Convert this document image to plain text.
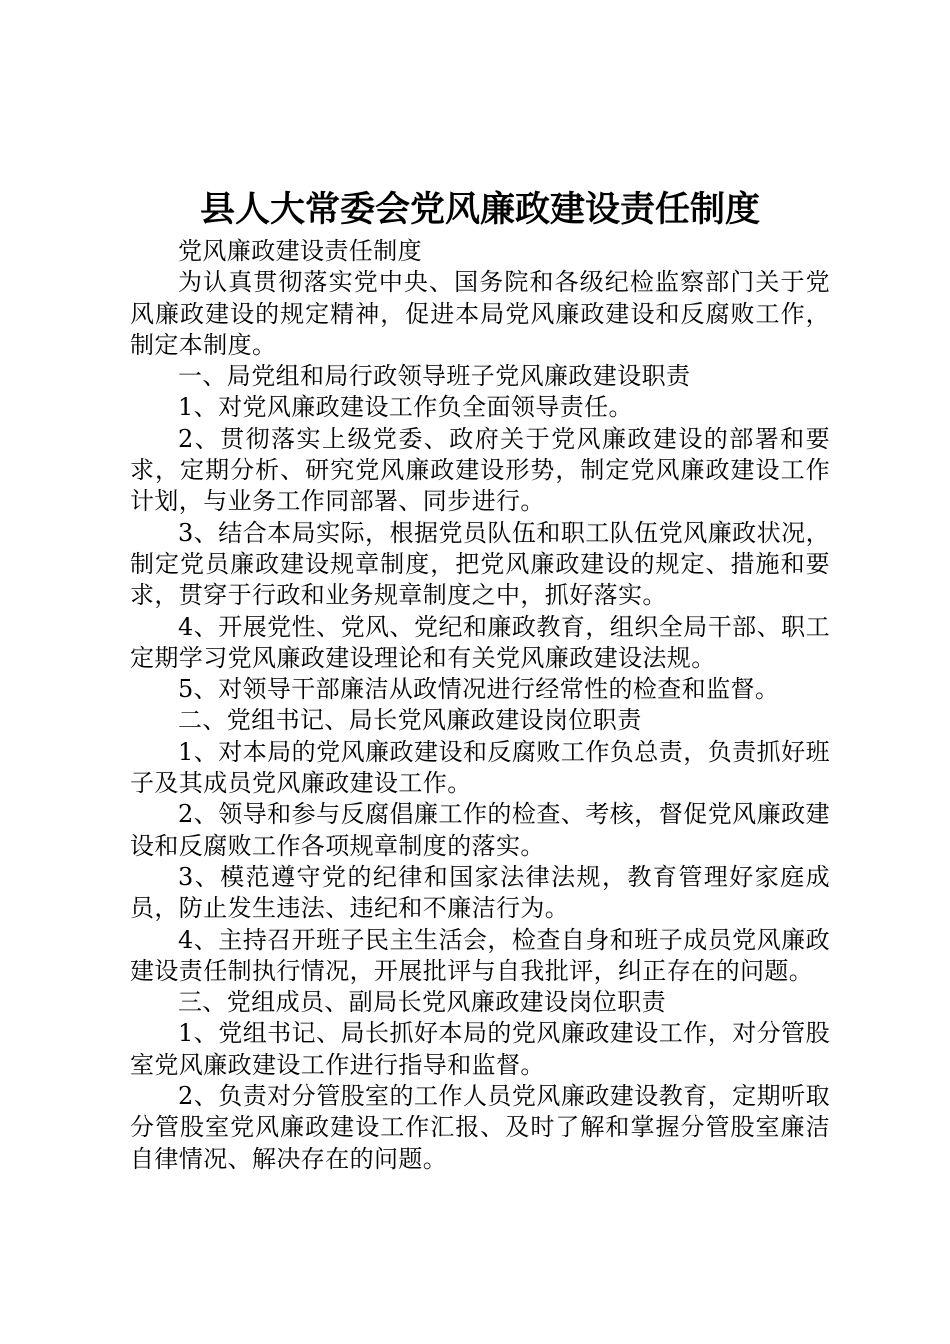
县人大常委会党风廉政建设责任制度

党风廉政建设责任制度

为认真贯彻落实党中央、国务院和各级纪检监察部门关于党风廉政建设的规定精神，促进本局党风廉政建设和反腐败工作，制定本制度。

一、局党组和局行政领导班子党风廉政建设职责

1、对党风廉政建设工作负全面领导责任。

2、贯彻落实上级党委、政府关于党风廉政建设的部署和要求，定期分析、研究党风廉政建设形势，制定党风廉政建设工作计划，与业务工作同部署、同步进行。

3、结合本局实际，根据党员队伍和职工队伍党风廉政状况，制定党员廉政建设规章制度，把党风廉政建设的规定、措施和要求，贯穿于行政和业务规章制度之中，抓好落实。

4、开展党性、党风、党纪和廉政教育，组织全局干部、职工定期学习党风廉政建设理论和有关党风廉政建设法规。

5、对领导干部廉洁从政情况进行经常性的检查和监督。

二、党组书记、局长党风廉政建设岗位职责

1、对本局的党风廉政建设和反腐败工作负总责，负责抓好班子及其成员党风廉政建设工作。

2、领导和参与反腐倡廉工作的检查、考核，督促党风廉政建设和反腐败工作各项规章制度的落实。

3、模范遵守党的纪律和国家法律法规，教育管理好家庭成员，防止发生违法、违纪和不廉洁行为。

4、主持召开班子民主生活会，检查自身和班子成员党风廉政建设责任制执行情况，开展批评与自我批评，纠正存在的问题。

三、党组成员、副局长党风廉政建设岗位职责

1、党组书记、局长抓好本局的党风廉政建设工作，对分管股室党风廉政建设工作进行指导和监督。

2、负责对分管股室的工作人员党风廉政建设教育，定期听取分管股室党风廉政建设工作汇报、及时了解和掌握分管股室廉洁自律情况、解决存在的问题。
